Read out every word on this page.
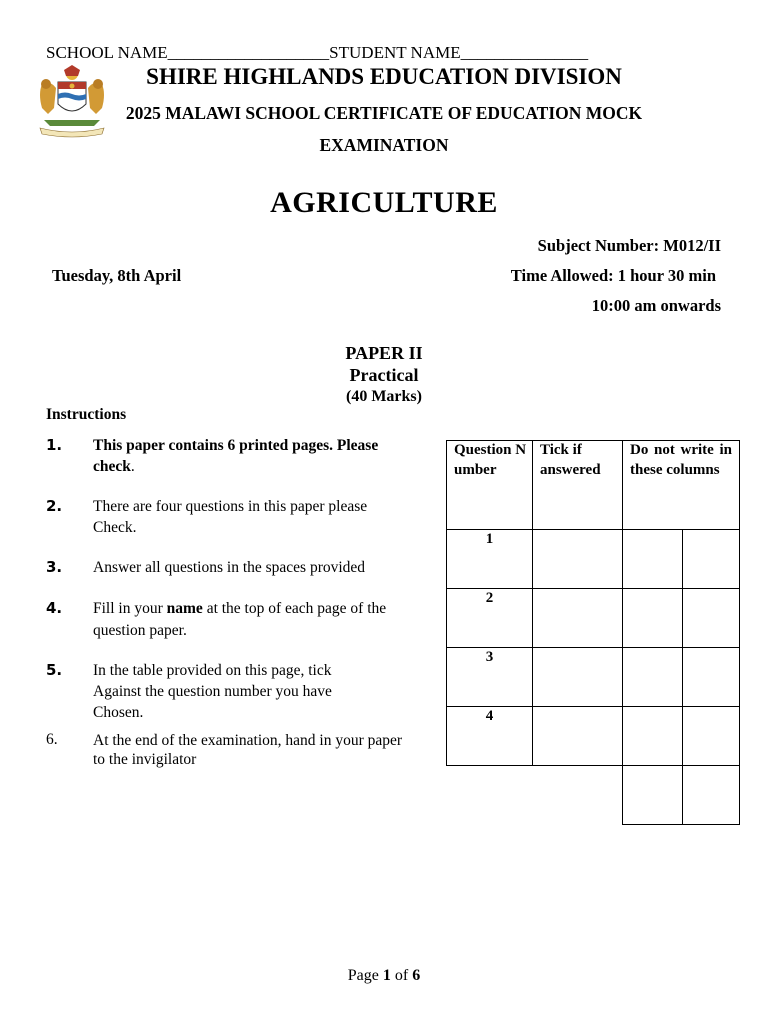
SCHOOL NAME___________________STUDENT NAME_______________
SHIRE HIGHLANDS EDUCATION DIVISION
2025 MALAWI SCHOOL CERTIFICATE OF EDUCATION MOCK
EXAMINATION
AGRICULTURE
Subject Number: M012/II
Tuesday, 8th April	Time Allowed: 1 hour 30 min
10:00 am onwards
PAPER II
Practical
(40 Marks)
Instructions
1. This paper contains 6 printed pages. Please check.
2. There are four questions in this paper please Check.
3. Answer all questions in the spaces provided
4. Fill in your name at the top of each page of the question paper.
5. In the table provided on this page, tick
Against the question number you have
Chosen.
6. At the end of the examination, hand in your paper
to the invigilator
Question Number	Tick if answered	Do not write in these columns	
1			
2			
3			
4			

Page 1 of 6
